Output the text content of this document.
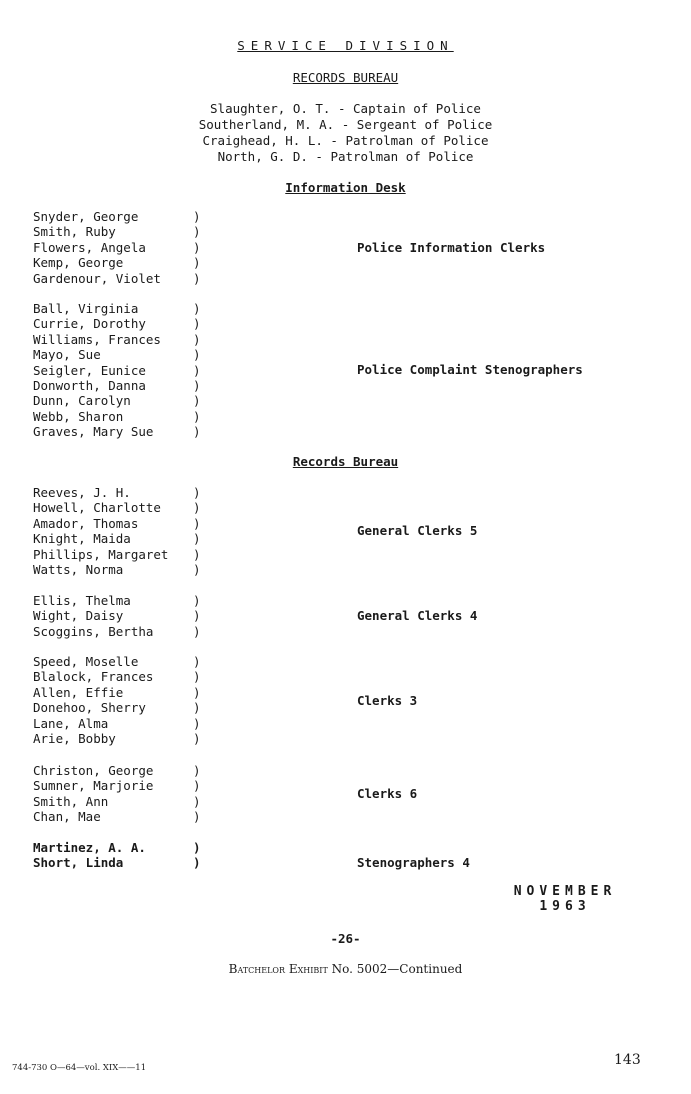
SERVICE DIVISION
RECORDS BUREAU
Slaughter, O. T. - Captain of Police
Southerland, M. A. - Sergeant of Police
Craighead, H. L. - Patrolman of Police
North, G. D. - Patrolman of Police
Information Desk
Snyder, George
Smith, Ruby
Flowers, Angela
Kemp, George
Gardenour, Violet
)
)
)
)
)
Police Information Clerks
Ball, Virginia
Currie, Dorothy
Williams, Frances
Mayo, Sue
Seigler, Eunice
Donworth, Danna
Dunn, Carolyn
Webb, Sharon
Graves, Mary Sue
)
)
)
)
)
)
)
)
)
Police Complaint Stenographers
Records Bureau
Reeves, J. H.
Howell, Charlotte
Amador, Thomas
Knight, Maida
Phillips, Margaret
Watts, Norma
)
)
)
)
)
)
General Clerks 5
Ellis, Thelma
Wight, Daisy
Scoggins, Bertha
)
)
)
General Clerks 4
Speed, Moselle
Blalock, Frances
Allen, Effie
Donehoo, Sherry
Lane, Alma
Arie, Bobby
)
)
)
)
)
)
Clerks 3
Christon, George
Sumner, Marjorie
Smith, Ann
Chan, Mae
)
)
)
)
Clerks 6
Martinez, A. A.
Short, Linda
)
)	Stenographers 4
NOVEMBER
1963
-26-
Batchelor Exhibit No. 5002—Continued
744-730 O—64—vol. XIX——11	143
